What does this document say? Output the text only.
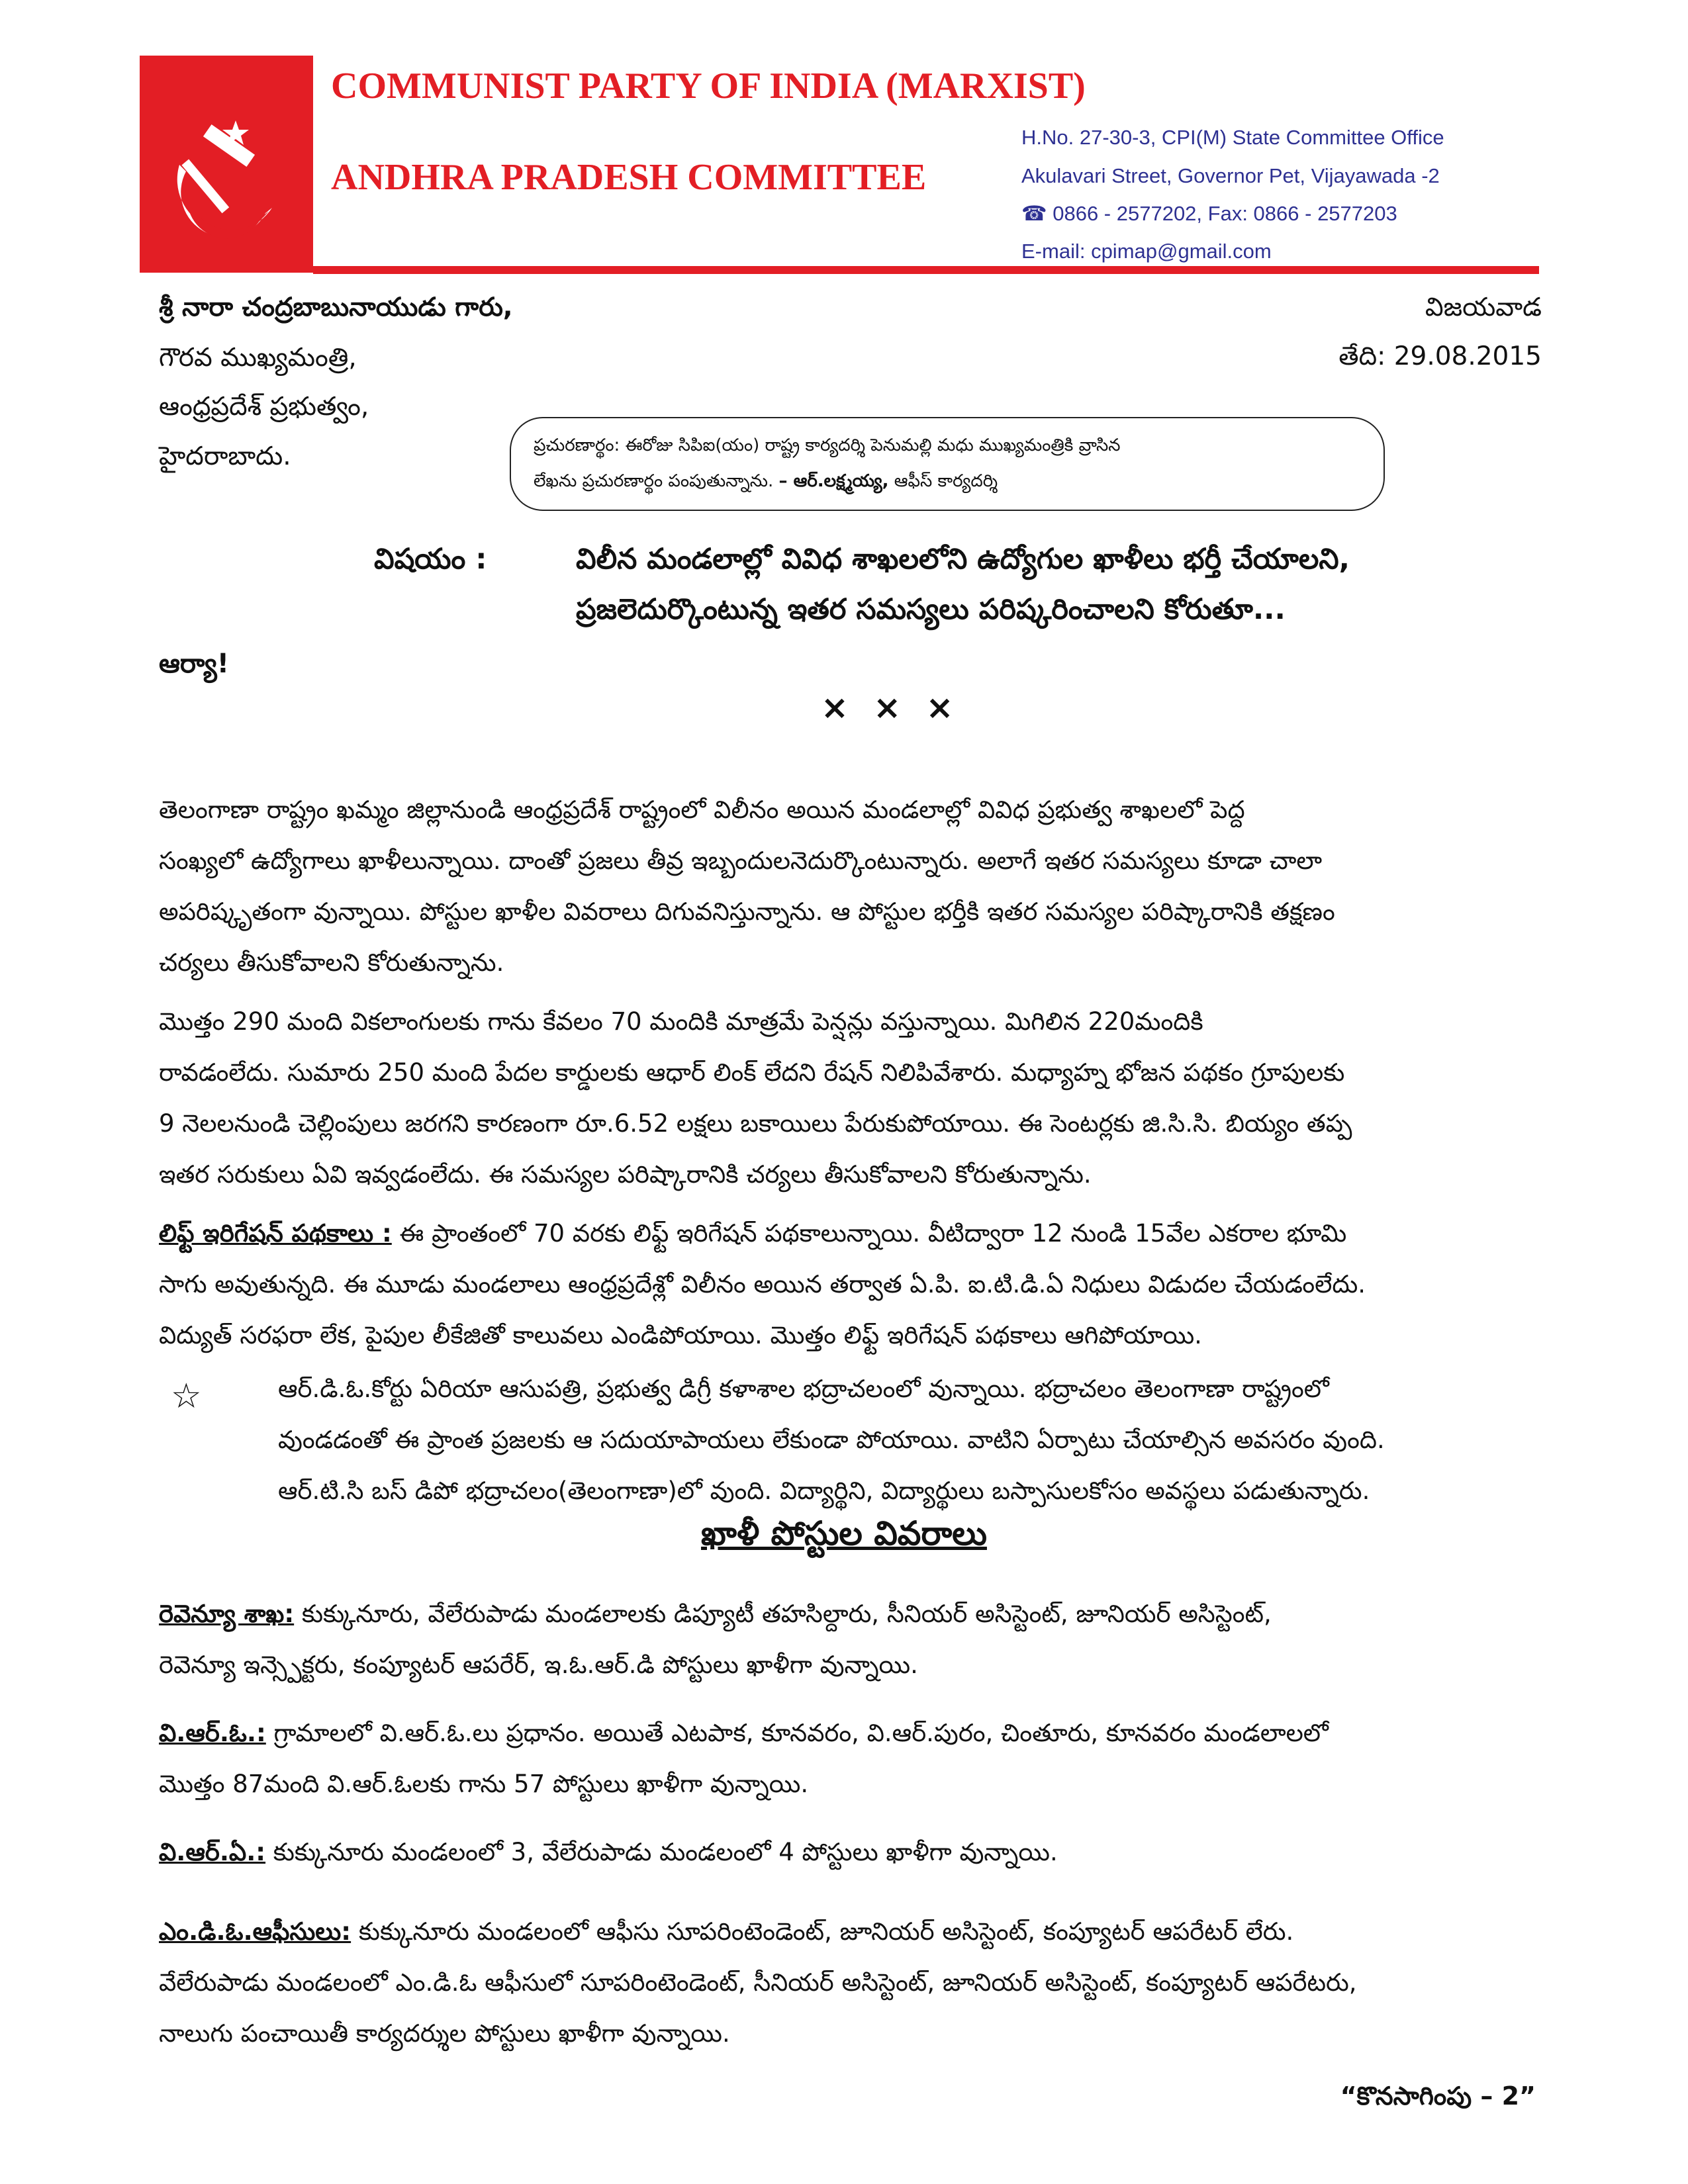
COMMUNIST PARTY OF INDIA (MARXIST)
ANDHRA PRADESH COMMITTEE
H.No. 27-30-3, CPI(M) State Committee Office
Akulavari Street, Governor Pet, Vijayawada -2
☎ 0866 - 2577202, Fax: 0866 - 2577203
E-mail: cpimap@gmail.com
శ్రీ నారా చంద్రబాబునాయుడు గారు,
గౌరవ ముఖ్యమంత్రి,
ఆంధ్రప్రదేశ్ ప్రభుత్వం,
హైదరాబాదు.
విజయవాడ
తేది: 29.08.2015
ప్రచురణార్థం: ఈరోజు సిపిఐ(యం) రాష్ట్ర కార్యదర్శి పెనుమల్లి మధు ముఖ్యమంత్రికి వ్రాసిన
లేఖను ప్రచురణార్థం పంపుతున్నాను. – ఆర్.లక్ష్మయ్య, ఆఫీస్ కార్యదర్శి
విషయం :	విలీన మండలాల్లో వివిధ శాఖలలోని ఉద్యోగుల ఖాళీలు భర్తీ చేయాలని,
ప్రజలెదుర్కొంటున్న ఇతర సమస్యలు పరిష్కరించాలని కోరుతూ...
ఆర్యా!
× × ×
తెలంగాణా రాష్ట్రం ఖమ్మం జిల్లానుండి ఆంధ్రప్రదేశ్ రాష్ట్రంలో విలీనం అయిన మండలాల్లో వివిధ ప్రభుత్వ శాఖలలో పెద్ద
సంఖ్యలో ఉద్యోగాలు ఖాళీలున్నాయి. దాంతో ప్రజలు తీవ్ర ఇబ్బందులనెదుర్కొంటున్నారు. అలాగే ఇతర సమస్యలు కూడా చాలా
అపరిష్కృతంగా వున్నాయి. పోస్టుల ఖాళీల వివరాలు దిగువనిస్తున్నాను. ఆ పోస్టుల భర్తీకి ఇతర సమస్యల పరిష్కారానికి తక్షణం
చర్యలు తీసుకోవాలని కోరుతున్నాను.
మొత్తం 290 మంది వికలాంగులకు గాను కేవలం 70 మందికి మాత్రమే పెన్షన్లు వస్తున్నాయి. మిగిలిన 220మందికి
రావడంలేదు. సుమారు 250 మంది పేదల కార్డులకు ఆధార్ లింక్ లేదని రేషన్ నిలిపివేశారు. మధ్యాహ్న భోజన పథకం గ్రూపులకు
9 నెలలనుండి చెల్లింపులు జరగని కారణంగా రూ.6.52 లక్షలు బకాయిలు పేరుకుపోయాయి. ఈ సెంటర్లకు జి.సి.సి. బియ్యం తప్ప
ఇతర సరుకులు ఏవి ఇవ్వడంలేదు. ఈ సమస్యల పరిష్కారానికి చర్యలు తీసుకోవాలని కోరుతున్నాను.
లిఫ్ట్ ఇరిగేషన్ పథకాలు : ఈ ప్రాంతంలో 70 వరకు లిఫ్ట్ ఇరిగేషన్ పథకాలున్నాయి. వీటిద్వారా 12 నుండి 15వేల ఎకరాల భూమి
సాగు అవుతున్నది. ఈ మూడు మండలాలు ఆంధ్రప్రదేశ్లో విలీనం అయిన తర్వాత ఏ.పి. ఐ.టి.డి.ఏ నిధులు విడుదల చేయడంలేదు.
విద్యుత్ సరఫరా లేక, పైపుల లీకేజితో కాలువలు ఎండిపోయాయి. మొత్తం లిఫ్ట్ ఇరిగేషన్ పథకాలు ఆగిపోయాయి.
☆	ఆర్.డి.ఓ.కోర్టు ఏరియా ఆసుపత్రి, ప్రభుత్వ డిగ్రీ కళాశాల భద్రాచలంలో వున్నాయి. భద్రాచలం తెలంగాణా రాష్ట్రంలో
వుండడంతో ఈ ప్రాంత ప్రజలకు ఆ సదుయాపాయలు లేకుండా పోయాయి. వాటిని ఏర్పాటు చేయాల్సిన అవసరం వుంది.
ఆర్.టి.సి బస్ డిపో భద్రాచలం(తెలంగాణా)లో వుంది. విద్యార్థిని, విద్యార్థులు బస్పాసులకోసం అవస్థలు పడుతున్నారు.
ఖాళీ పోస్టుల వివరాలు
రెవెన్యూ శాఖ: కుక్కునూరు, వేలేరుపాడు మండలాలకు డిప్యూటీ తహసిల్దారు, సీనియర్ అసిస్టెంట్, జూనియర్ అసిస్టెంట్,
రెవెన్యూ ఇన్స్పెక్టరు, కంప్యూటర్ ఆపరేర్, ఇ.ఓ.ఆర్.డి పోస్టులు ఖాళీగా వున్నాయి.
వి.ఆర్.ఓ.: గ్రామాలలో వి.ఆర్.ఓ.లు ప్రధానం. అయితే ఎటపాక, కూనవరం, వి.ఆర్.పురం, చింతూరు, కూనవరం మండలాలలో
మొత్తం 87మంది వి.ఆర్.ఓలకు గాను 57 పోస్టులు ఖాళీగా వున్నాయి.
వి.ఆర్.ఏ.: కుక్కునూరు మండలంలో 3, వేలేరుపాడు మండలంలో 4 పోస్టులు ఖాళీగా వున్నాయి.
ఎం.డి.ఓ.ఆఫీసులు: కుక్కునూరు మండలంలో ఆఫీసు సూపరింటెండెంట్, జూనియర్ అసిస్టెంట్, కంప్యూటర్ ఆపరేటర్ లేరు.
వేలేరుపాడు మండలంలో ఎం.డి.ఓ ఆఫీసులో సూపరింటెండెంట్, సీనియర్ అసిస్టెంట్, జూనియర్ అసిస్టెంట్, కంప్యూటర్ ఆపరేటరు,
నాలుగు పంచాయితీ కార్యదర్శుల పోస్టులు ఖాళీగా వున్నాయి.
“కొనసాగింపు – 2”
